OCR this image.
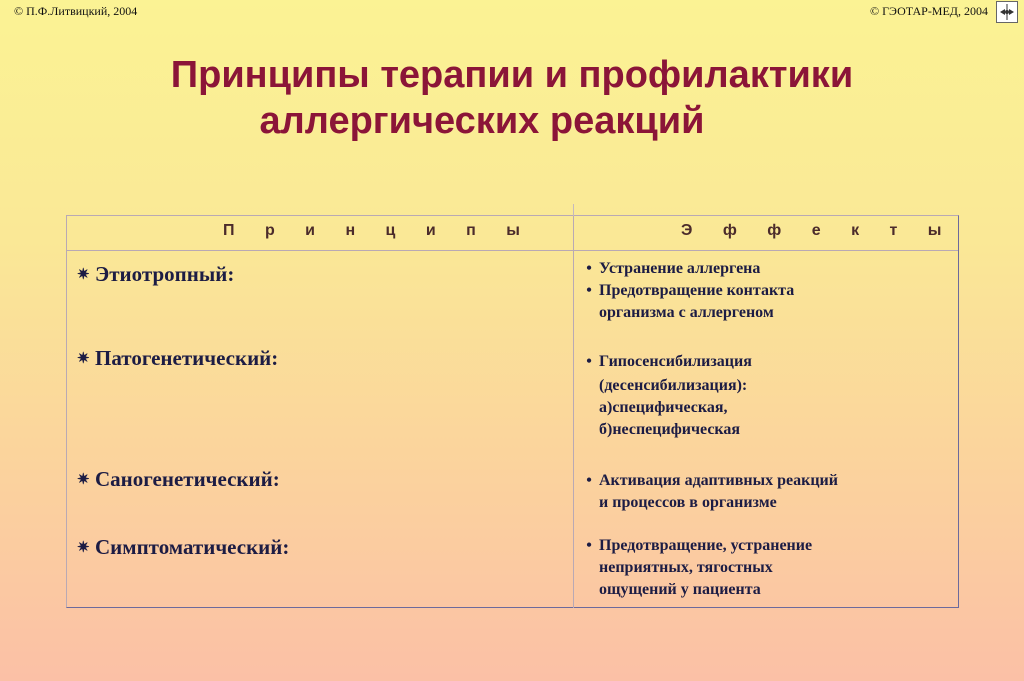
© П.Ф.Литвицкий, 2004	© ГЭОТАР-МЕД, 2004
Принципы терапии и профилактики
аллергических реакций
П р и н ц и п ы	Э ф ф е к т ы
✷ Этиотропный:	• Устранение аллергена
• Предотвращение контакта
организма с аллергеном
✷ Патогенетический:	• Гипосенсибилизация
(десенсибилизация):
а)специфическая,
б)неспецифическая
✷ Саногенетический:	• Активация адаптивных реакций
и процессов в организме
✷ Симптоматический:	• Предотвращение, устранение
неприятных, тягостных
ощущений у пациента
